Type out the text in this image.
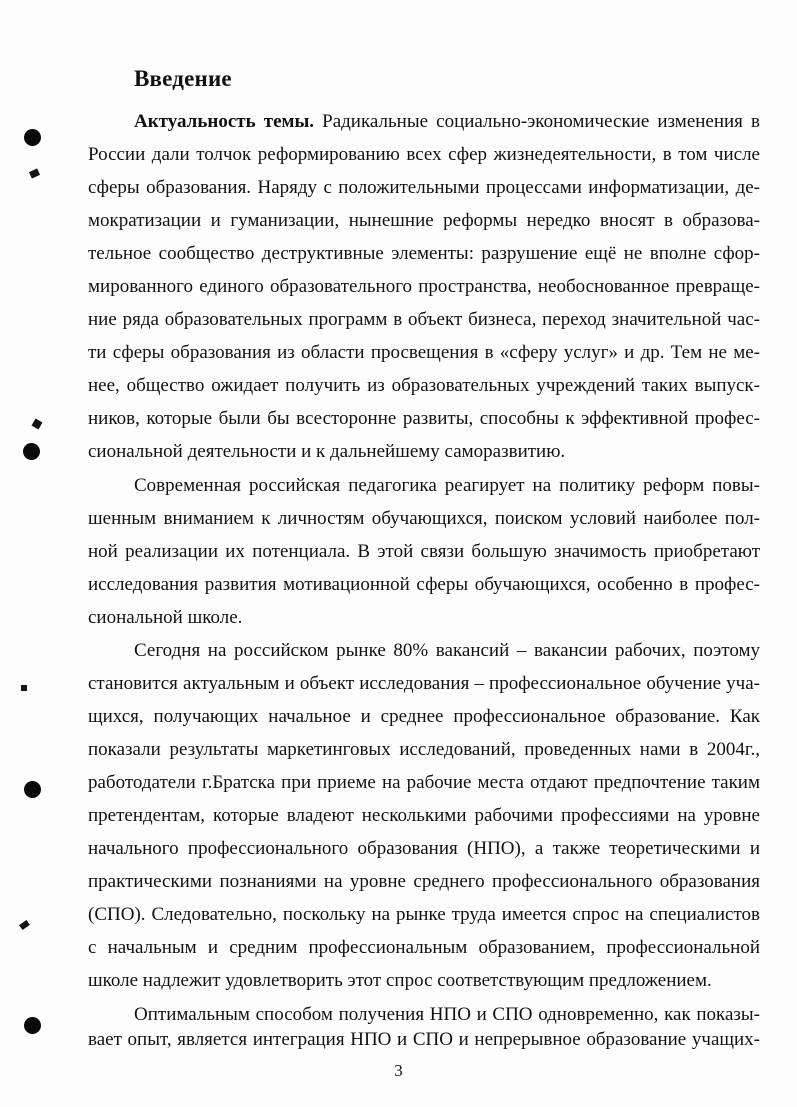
Введение
Актуальность темы. Радикальные социально-экономические изменения в
России дали толчок реформированию всех сфер жизнедеятельности, в том числе
сферы образования. Наряду с положительными процессами информатизации, де-
мократизации и гуманизации, нынешние реформы нередко вносят в образова-
тельное сообщество деструктивные элементы: разрушение ещё не вполне сфор-
мированного единого образовательного пространства, необоснованное превраще-
ние ряда образовательных программ в объект бизнеса, переход значительной час-
ти сферы образования из области просвещения в «сферу услуг» и др. Тем не ме-
нее, общество ожидает получить из образовательных учреждений таких выпуск-
ников, которые были бы всесторонне развиты, способны к эффективной профес-
сиональной деятельности и к дальнейшему саморазвитию.
Современная российская педагогика реагирует на политику реформ повы-
шенным вниманием к личностям обучающихся, поиском условий наиболее пол-
ной реализации их потенциала. В этой связи большую значимость приобретают
исследования развития мотивационной сферы обучающихся, особенно в профес-
сиональной школе.
Сегодня на российском рынке 80% вакансий – вакансии рабочих, поэтому
становится актуальным и объект исследования – профессиональное обучение уча-
щихся, получающих начальное и среднее профессиональное образование. Как
показали результаты маркетинговых исследований, проведенных нами в 2004г.,
работодатели г.Братска при приеме на рабочие места отдают предпочтение таким
претендентам, которые владеют несколькими рабочими профессиями на уровне
начального профессионального образования (НПО), а также теоретическими и
практическими познаниями на уровне среднего профессионального образования
(СПО). Следовательно, поскольку на рынке труда имеется спрос на специалистов
с начальным и средним профессиональным образованием, профессиональной
школе надлежит удовлетворить этот спрос соответствующим предложением.
Оптимальным способом получения НПО и СПО одновременно, как показы-
вает опыт, является интеграция НПО и СПО и непрерывное образование учащих-
3
